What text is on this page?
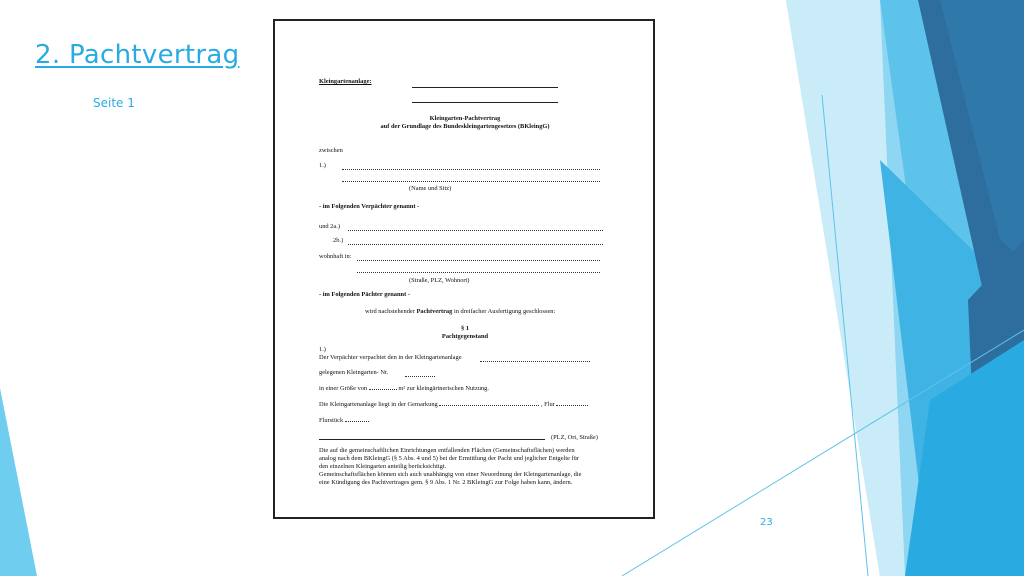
2. Pachtvertrag
Seite 1
23
Kleingartenanlage:
Kleingarten-Pachtvertrag
auf der Grundlage des Bundeskleingartengesetzes (BKleingG)
zwischen
1.)
(Name und Sitz)
- im Folgenden Verpächter genannt -
und 2a.)
2b.)
wohnhaft in:
(Straße, PLZ, Wohnort)
- im Folgenden Pächter genannt -
wird nachstehender Pachtvertrag in dreifacher Ausfertigung geschlossen:
§ 1
Pachtgegenstand
1.)
Der Verpächter verpachtet den in der Kleingartenanlage
gelegenen Kleingarten- Nr.
in einer Größe von	m² zur kleingärtnerischen Nutzung.
Die Kleingartenanlage liegt in der Gemarkung	, Flur
Flurstück
(PLZ, Ort, Straße)
Die auf die gemeinschaftlichen Einrichtungen entfallenden Flächen (Gemeinschaftsflächen) werden
analog nach dem BKleingG (§ 5 Abs. 4 und 5) bei der Ermittlung der Pacht und jeglicher Entgelte für
den einzelnen Kleingarten anteilig berücksichtigt.
Gemeinschaftsflächen können sich auch unabhängig von einer Neuordnung der Kleingartenanlage, die
eine Kündigung des Pachtvertrages gem. § 9 Abs. 1 Nr. 2 BKleingG zur Folge haben kann, ändern.
